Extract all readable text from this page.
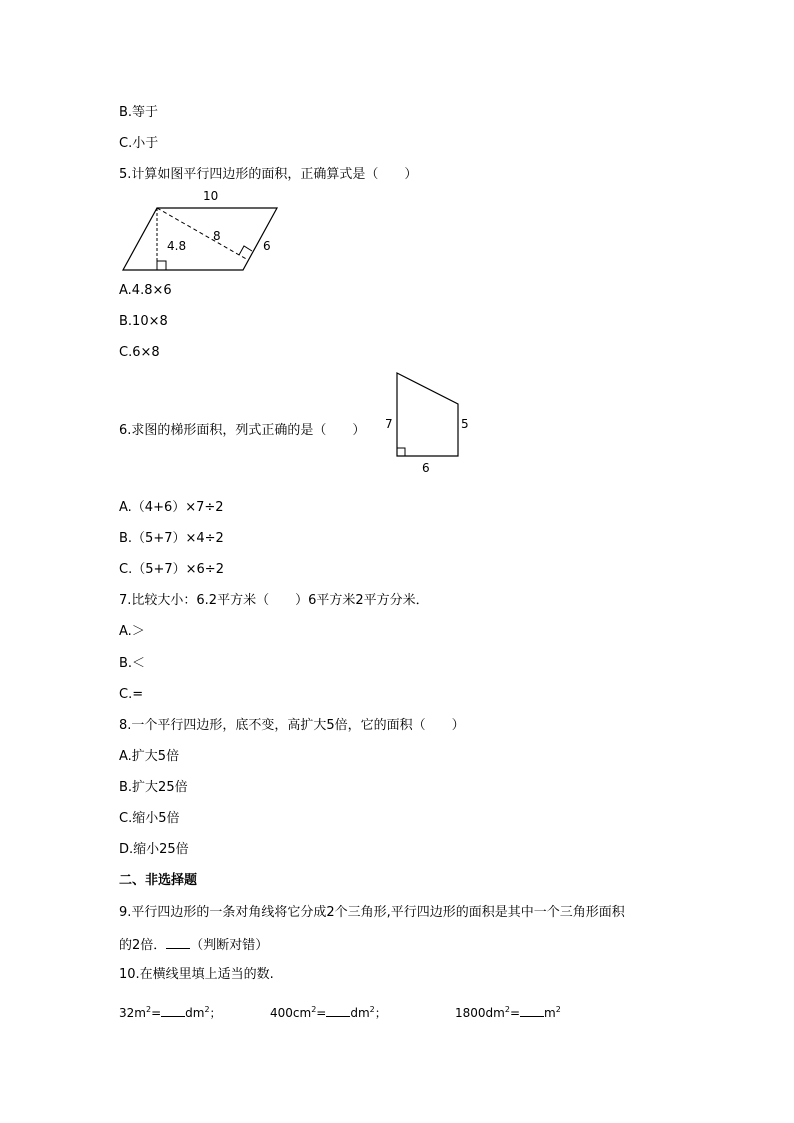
B.等于
C.小于
5.计算如图平行四边形的面积，正确算式是（　　）
10
8
4.8	6
A.4.8×6
B.10×8
C.6×8
6.求图的梯形面积，列式正确的是（　　） 7	5
6
A.（4+6）×7÷2
B.（5+7）×4÷2
C.（5+7）×6÷2
7.比较大小：6.2平方米（　　）6平方米2平方分米．
A.＞
B.＜
C.=
8.一个平行四边形，底不变，高扩大5倍，它的面积（　　）
A.扩大5倍
B.扩大25倍
C.缩小5倍
D.缩小25倍
二、非选择题
9.平行四边形的一条对角线将它分成2个三角形,平行四边形的面积是其中一个三角形面积
的2倍． （判断对错）
10.在横线里填上适当的数.
$32m^2= dm^2$；	$400cm^2= dm^2$；	$1800dm^2= m^2$
